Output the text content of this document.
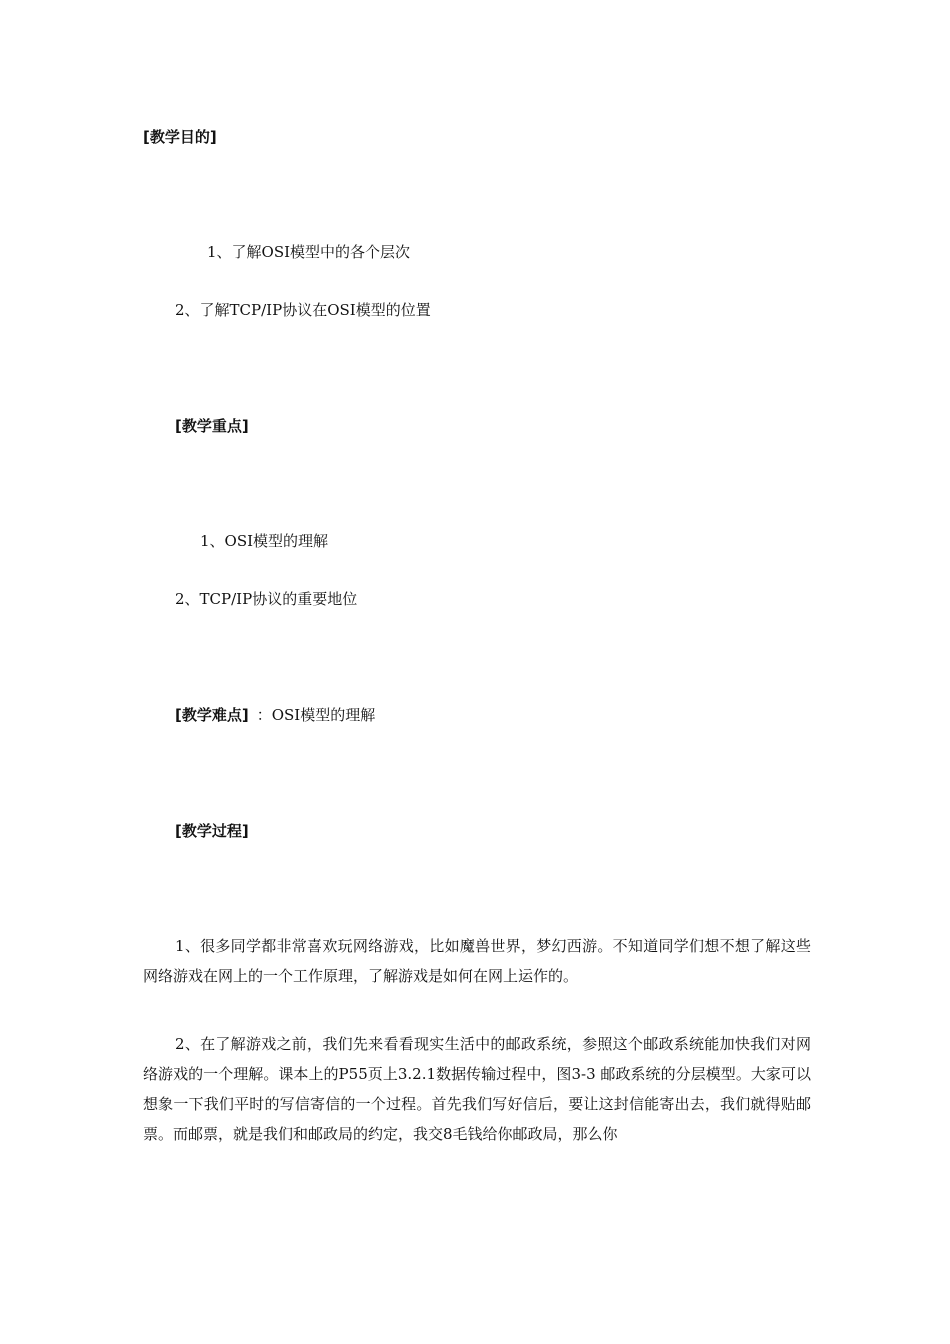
[教学目的]
1、了解OSI模型中的各个层次
2、了解TCP/IP协议在OSI模型的位置
[教学重点]
1、OSI模型的理解
2、TCP/IP协议的重要地位
[教学难点] ：OSI模型的理解
[教学过程]
1、很多同学都非常喜欢玩网络游戏，比如魔兽世界，梦幻西游。不知道同学们想不想了解这些网络游戏在网上的一个工作原理，了解游戏是如何在网上运作的。
2、在了解游戏之前，我们先来看看现实生活中的邮政系统，参照这个邮政系统能加快我们对网络游戏的一个理解。课本上的P55页上3.2.1数据传输过程中，图3-3 邮政系统的分层模型。大家可以想象一下我们平时的写信寄信的一个过程。首先我们写好信后，要让这封信能寄出去，我们就得贴邮票。而邮票，就是我们和邮政局的约定，我交8毛钱给你邮政局，那么你
